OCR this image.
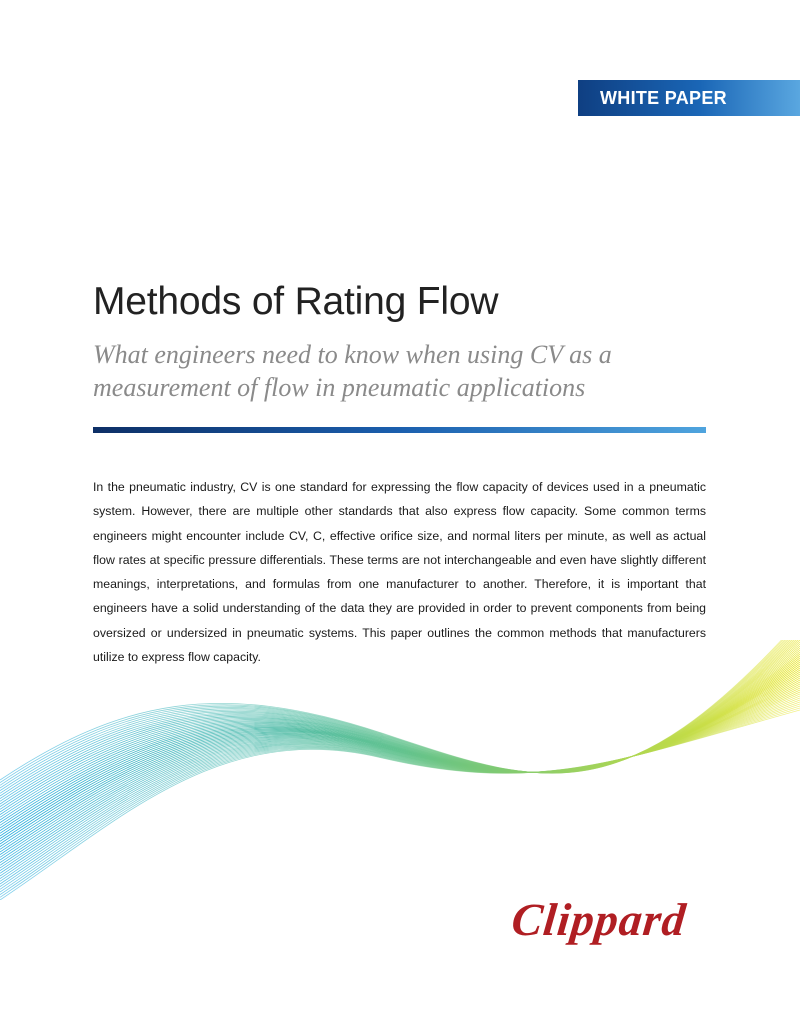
WHITE PAPER
Methods of Rating Flow

What engineers need to know when using CV as a measurement of flow in pneumatic applications

In the pneumatic industry, CV is one standard for expressing the flow capacity of devices used in a pneumatic system. However, there are multiple other standards that also express flow capacity. Some common terms engineers might encounter include CV, C, effective orifice size, and normal liters per minute, as well as actual flow rates at specific pressure differentials. These terms are not interchangeable and even have slightly different meanings, interpretations, and formulas from one manufacturer to another. Therefore, it is important that engineers have a solid understanding of the data they are provided in order to prevent components from being oversized or undersized in pneumatic systems. This paper outlines the common methods that manufacturers utilize to express flow capacity.

Clippard
